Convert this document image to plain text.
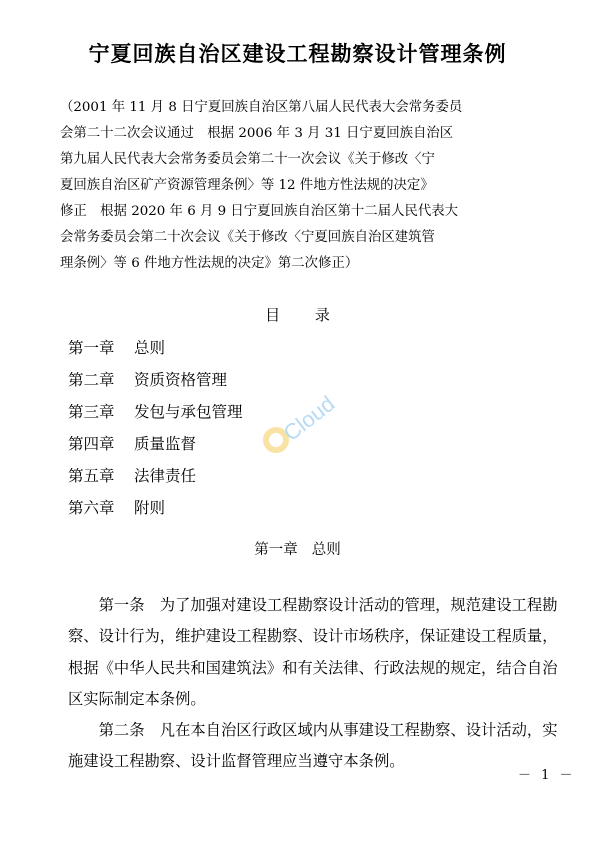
宁夏回族自治区建设工程勘察设计管理条例
（2001 年 11 月 8 日宁夏回族自治区第八届人民代表大会常务委员
会第二十二次会议通过　根据 2006 年 3 月 31 日宁夏回族自治区
第九届人民代表大会常务委员会第二十一次会议《关于修改〈宁
夏回族自治区矿产资源管理条例〉等 12 件地方性法规的决定》
修正　根据 2020 年 6 月 9 日宁夏回族自治区第十二届人民代表大
会常务委员会第二十次会议《关于修改〈宁夏回族自治区建筑管
理条例〉等 6 件地方性法规的决定》第二次修正）
目 录
第一章 总则
第二章 资质资格管理
第三章 发包与承包管理
第四章 质量监督
第五章 法律责任
第六章 附则
第一章 总则
　　第一条　为了加强对建设工程勘察设计活动的管理，规范建设工程勘
察、设计行为，维护建设工程勘察、设计市场秩序，保证建设工程质量，
根据《中华人民共和国建筑法》和有关法律、行政法规的规定，结合自治
区实际制定本条例。
　　第二条　凡在本自治区行政区域内从事建设工程勘察、设计活动，实
施建设工程勘察、设计监督管理应当遵守本条例。
－ 1 －
Cloud
